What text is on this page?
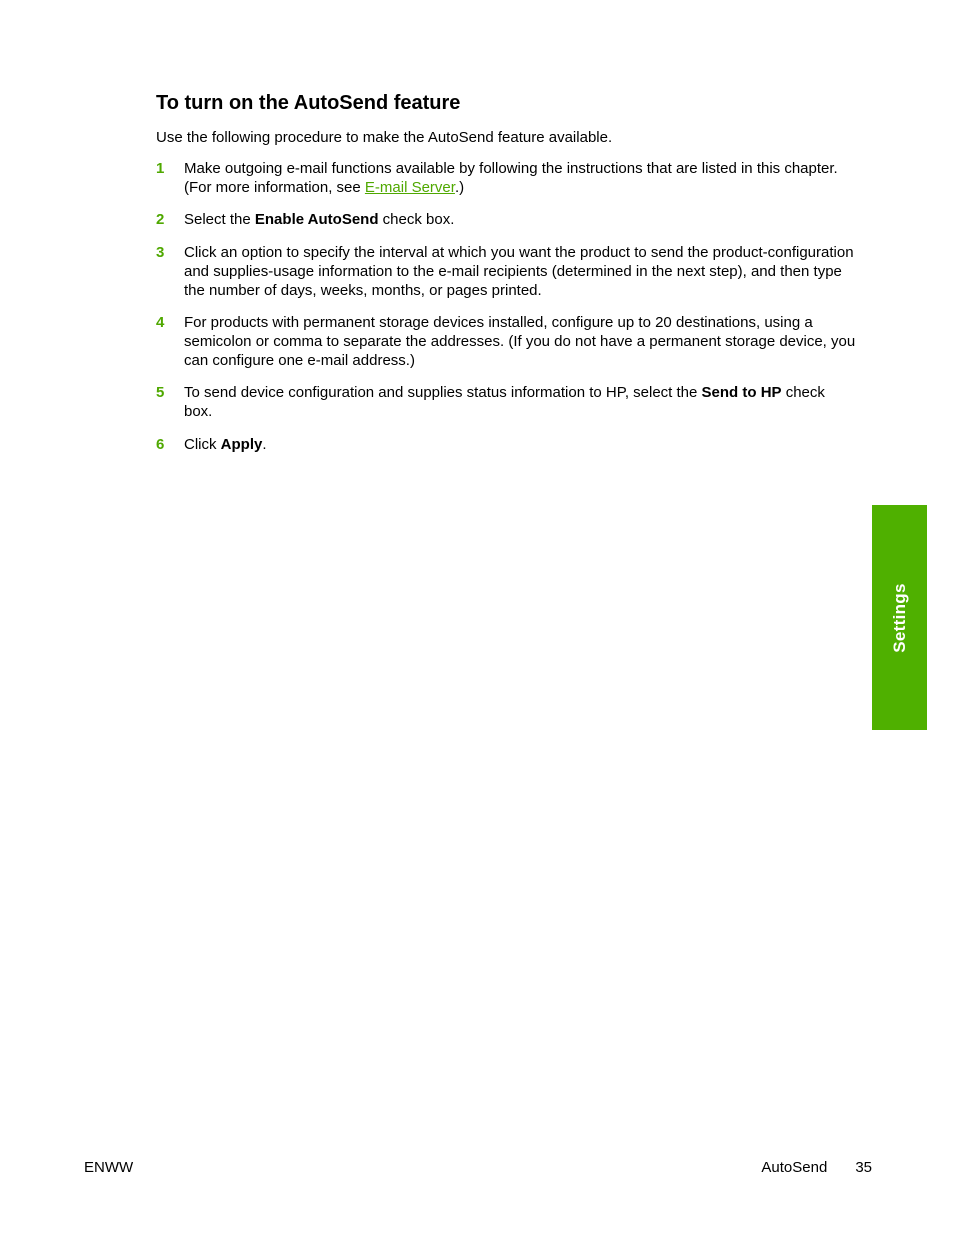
To turn on the AutoSend feature

Use the following procedure to make the AutoSend feature available.

1 Make outgoing e-mail functions available by following the instructions that are listed in this chapter. (For more information, see E-mail Server.)
2 Select the Enable AutoSend check box.
3 Click an option to specify the interval at which you want the product to send the product-configuration and supplies-usage information to the e-mail recipients (determined in the next step), and then type the number of days, weeks, months, or pages printed.
4 For products with permanent storage devices installed, configure up to 20 destinations, using a semicolon or comma to separate the addresses. (If you do not have a permanent storage device, you can configure one e-mail address.)
5 To send device configuration and supplies status information to HP, select the Send to HP check box.
6 Click Apply.
Settings
ENWW	AutoSend 35
